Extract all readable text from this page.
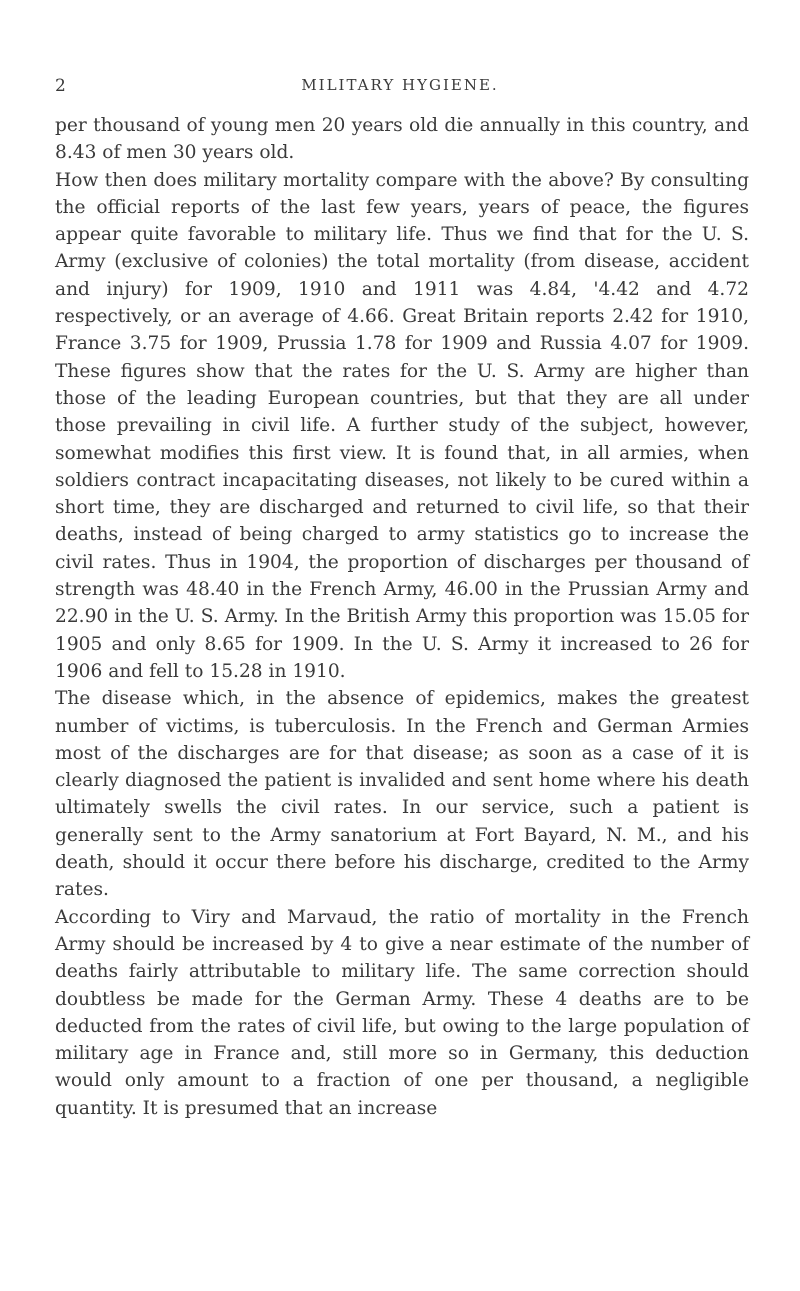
2	MILITARY HYGIENE.

per thousand of young men 20 years old die annually in this country, and 8.43 of men 30 years old.

How then does military mortality compare with the above? By consulting the official reports of the last few years, years of peace, the figures appear quite favorable to military life. Thus we find that for the U. S. Army (exclusive of colonies) the total mortality (from disease, accident and injury) for 1909, 1910 and 1911 was 4.84, '4.42 and 4.72 respectively, or an average of 4.66. Great Britain reports 2.42 for 1910, France 3.75 for 1909, Prussia 1.78 for 1909 and Russia 4.07 for 1909. These figures show that the rates for the U. S. Army are higher than those of the leading European countries, but that they are all under those prevailing in civil life. A further study of the subject, however, somewhat modifies this first view. It is found that, in all armies, when soldiers contract incapacitating diseases, not likely to be cured within a short time, they are discharged and returned to civil life, so that their deaths, instead of being charged to army statistics go to increase the civil rates. Thus in 1904, the proportion of discharges per thousand of strength was 48.40 in the French Army, 46.00 in the Prussian Army and 22.90 in the U. S. Army. In the British Army this proportion was 15.05 for 1905 and only 8.65 for 1909. In the U. S. Army it increased to 26 for 1906 and fell to 15.28 in 1910.

The disease which, in the absence of epidemics, makes the greatest number of victims, is tuberculosis. In the French and German Armies most of the discharges are for that disease; as soon as a case of it is clearly diagnosed the patient is invalided and sent home where his death ultimately swells the civil rates. In our service, such a patient is generally sent to the Army sanatorium at Fort Bayard, N. M., and his death, should it occur there before his discharge, credited to the Army rates.

According to Viry and Marvaud, the ratio of mortality in the French Army should be increased by 4 to give a near estimate of the number of deaths fairly attributable to military life. The same correction should doubtless be made for the German Army. These 4 deaths are to be deducted from the rates of civil life, but owing to the large population of military age in France and, still more so in Germany, this deduction would only amount to a fraction of one per thousand, a negligible quantity. It is presumed that an increase
